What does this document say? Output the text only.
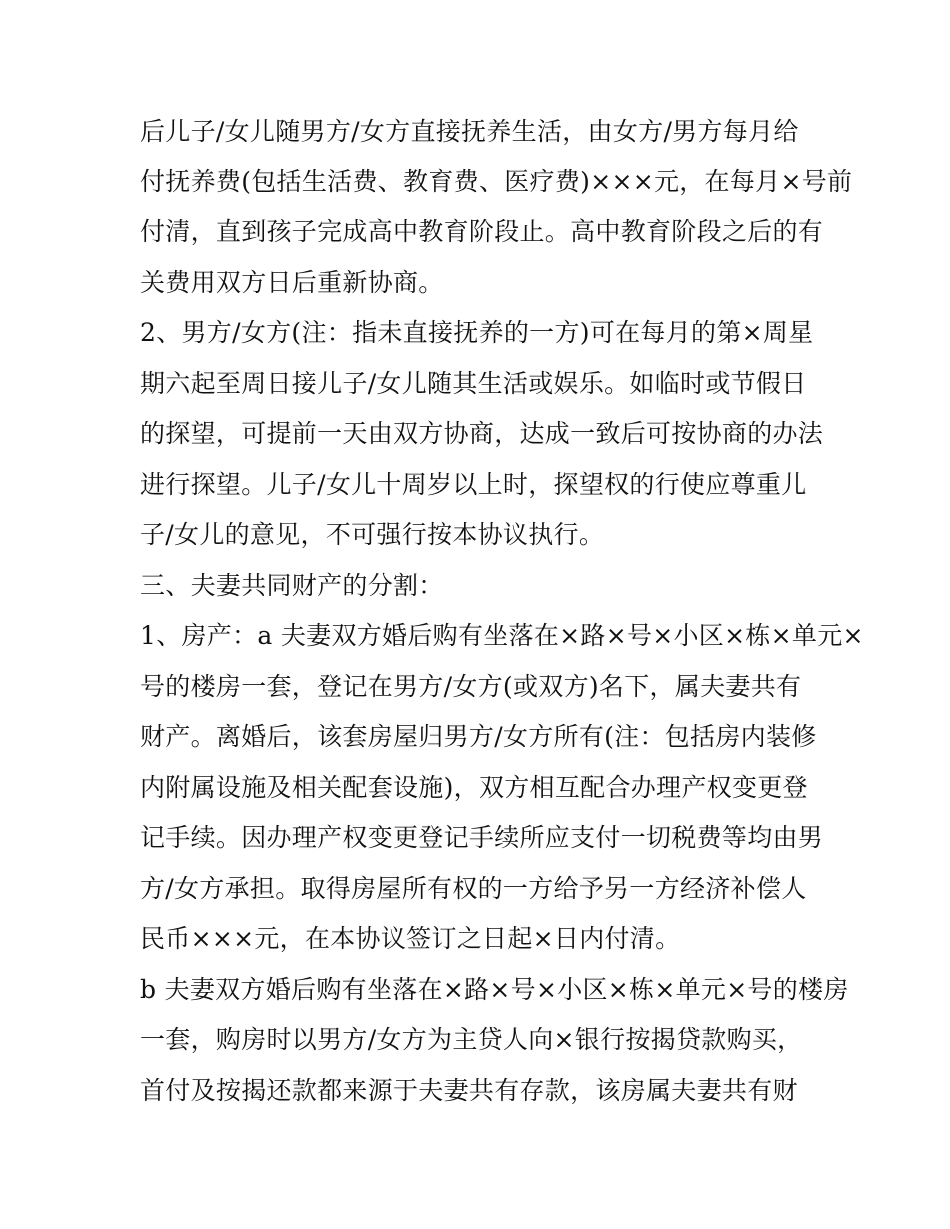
后儿子/女儿随男方/女方直接抚养生活，由女方/男方每月给
付抚养费(包括生活费、教育费、医疗费)×××元，在每月×号前
付清，直到孩子完成高中教育阶段止。高中教育阶段之后的有
关费用双方日后重新协商。
2、男方/女方(注：指未直接抚养的一方)可在每月的第×周星
期六起至周日接儿子/女儿随其生活或娱乐。如临时或节假日
的探望，可提前一天由双方协商，达成一致后可按协商的办法
进行探望。儿子/女儿十周岁以上时，探望权的行使应尊重儿
子/女儿的意见，不可强行按本协议执行。
三、夫妻共同财产的分割：
1、房产：a 夫妻双方婚后购有坐落在×路×号×小区×栋×单元×
号的楼房一套，登记在男方/女方(或双方)名下，属夫妻共有
财产。离婚后，该套房屋归男方/女方所有(注：包括房内装修
内附属设施及相关配套设施)，双方相互配合办理产权变更登
记手续。因办理产权变更登记手续所应支付一切税费等均由男
方/女方承担。取得房屋所有权的一方给予另一方经济补偿人
民币×××元，在本协议签订之日起×日内付清。
b 夫妻双方婚后购有坐落在×路×号×小区×栋×单元×号的楼房
一套，购房时以男方/女方为主贷人向×银行按揭贷款购买，
首付及按揭还款都来源于夫妻共有存款，该房属夫妻共有财
